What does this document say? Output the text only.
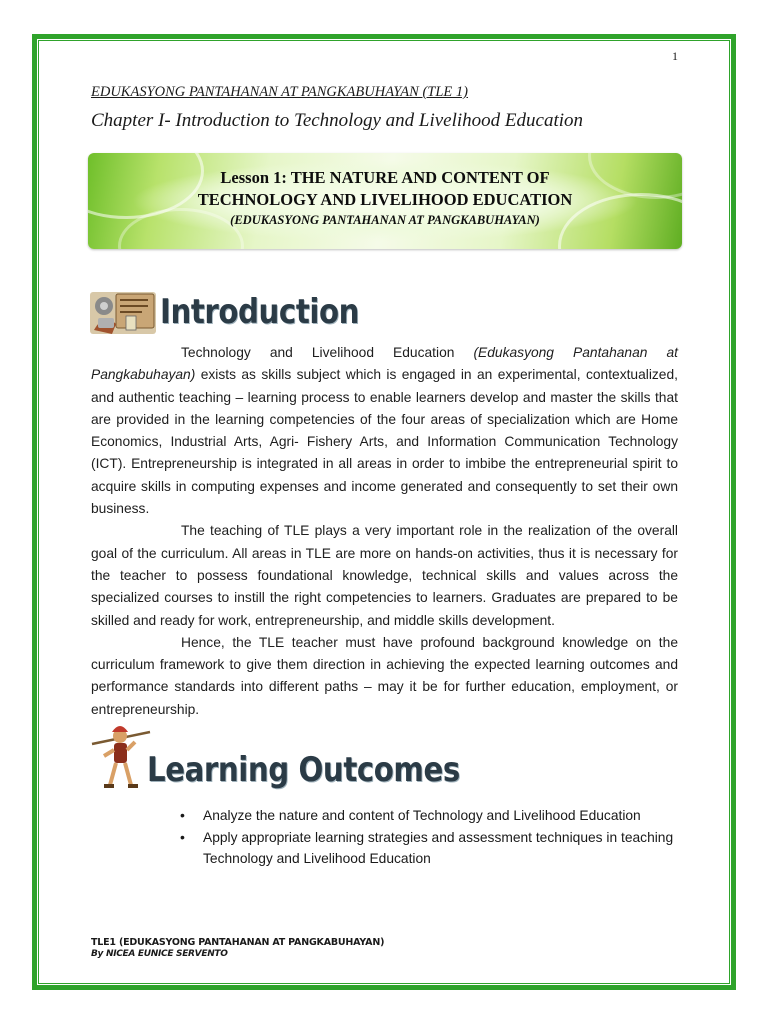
1
EDUKASYONG PANTAHANAN AT PANGKABUHAYAN (TLE 1)
Chapter I- Introduction to Technology and Livelihood Education
Lesson 1: THE NATURE AND CONTENT OF
TECHNOLOGY AND LIVELIHOOD EDUCATION
(EDUKASYONG PANTAHANAN AT PANGKABUHAYAN)
Introduction

Technology and Livelihood Education (Edukasyong Pantahanan at Pangkabuhayan) exists as skills subject which is engaged in an experimental, contextualized, and authentic teaching – learning process to enable learners develop and master the skills that are provided in the learning competencies of the four areas of specialization which are Home Economics, Industrial Arts, Agri- Fishery Arts, and Information Communication Technology (ICT). Entrepreneurship is integrated in all areas in order to imbibe the entrepreneurial spirit to acquire skills in computing expenses and income generated and consequently to set their own business.

The teaching of TLE plays a very important role in the realization of the overall goal of the curriculum. All areas in TLE are more on hands-on activities, thus it is necessary for the teacher to possess foundational knowledge, technical skills and values across the specialized courses to instill the right competencies to learners. Graduates are prepared to be skilled and ready for work, entrepreneurship, and middle skills development.

Hence, the TLE teacher must have profound background knowledge on the curriculum framework to give them direction in achieving the expected learning outcomes and performance standards into different paths – may it be for further education, employment, or entrepreneurship.

Learning Outcomes
• Analyze the nature and content of Technology and Livelihood Education
• Apply appropriate learning strategies and assessment techniques in teaching Technology and Livelihood Education
TLE1 (EDUKASYONG PANTAHANAN AT PANGKABUHAYAN)
By NICEA EUNICE SERVENTO
